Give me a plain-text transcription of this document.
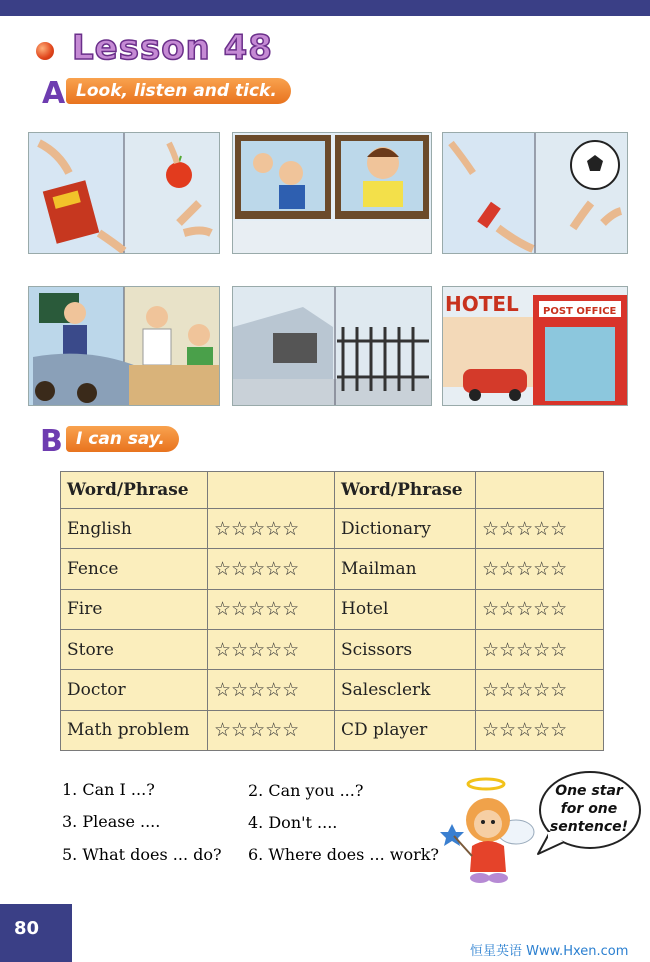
Lesson 48
A Look, listen and tick.
HOTEL POST OFFICE
B I can say.
Word/Phrase		Word/Phrase	
English	☆☆☆☆☆	Dictionary	☆☆☆☆☆
Fence	☆☆☆☆☆	Mailman	☆☆☆☆☆
Fire	☆☆☆☆☆	Hotel	☆☆☆☆☆
Store	☆☆☆☆☆	Scissors	☆☆☆☆☆
Doctor	☆☆☆☆☆	Salesclerk	☆☆☆☆☆
Math problem	☆☆☆☆☆	CD player	☆☆☆☆☆
1. Can I ...?	2. Can you ...?
3. Please ....	4. Don't ....
5. What does ... do? 6. Where does ... work?
One star
for one
sentence!
80
恒星英语 Www.Hxen.com
